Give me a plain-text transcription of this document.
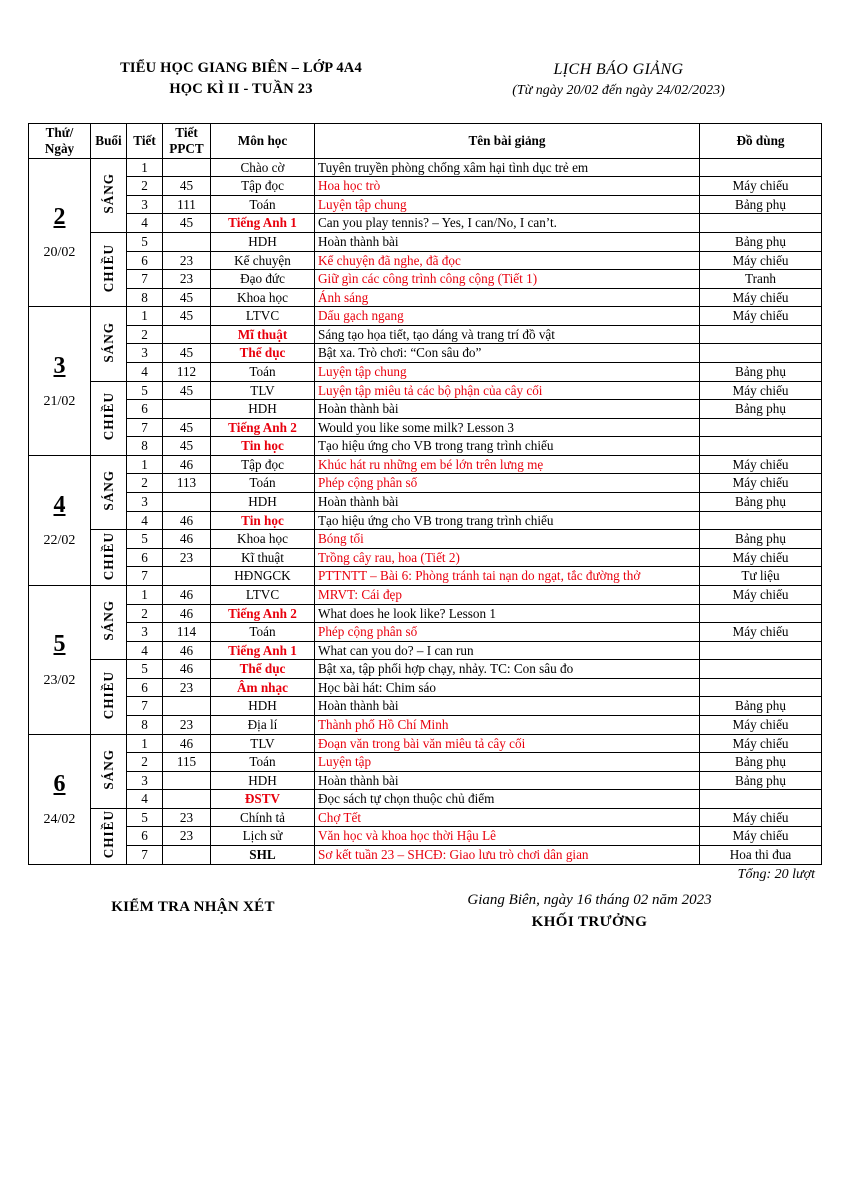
TIỂU HỌC GIANG BIÊN – LỚP 4A4
HỌC KÌ II - TUẦN 23
LỊCH BÁO GIẢNG
(Từ ngày 20/02 đến ngày 24/02/2023)
Thứ/ Ngày	Buổi	Tiết	Tiết PPCT	Môn học	Tên bài giảng	Đồ dùng

2
20/02	SÁNG	1		Chào cờ	Tuyên truyền phòng chống xâm hại tình dục trẻ em	
		2	45	Tập đọc	Hoa học trò	Máy chiếu
		3	111	Toán	Luyện tập chung	Bảng phụ
		4	45	Tiếng Anh 1	Can you play tennis? – Yes, I can/No, I can’t.	
	CHIỀU	5		HDH	Hoàn thành bài	Bảng phụ
		6	23	Kể chuyện	Kể chuyện đã nghe, đã đọc	Máy chiếu
		7	23	Đạo đức	Giữ gìn các công trình công cộng (Tiết 1)	Tranh
		8	45	Khoa học	Ánh sáng	Máy chiếu

3
21/02	SÁNG	1	45	LTVC	Dấu gạch ngang	Máy chiếu
		2		Mĩ thuật	Sáng tạo họa tiết, tạo dáng và trang trí đồ vật	
		3	45	Thể dục	Bật xa. Trò chơi: “Con sâu đo”	
		4	112	Toán	Luyện tập chung	Bảng phụ
	CHIỀU	5	45	TLV	Luyện tập miêu tả các bộ phận của cây cối	Máy chiếu
		6		HDH	Hoàn thành bài	Bảng phụ
		7	45	Tiếng Anh 2	Would you like some milk? Lesson 3	
		8	45	Tin học	Tạo hiệu ứng cho VB trong trang trình chiếu	

4
22/02	SÁNG	1	46	Tập đọc	Khúc hát ru những em bé lớn trên lưng mẹ	Máy chiếu
		2	113	Toán	Phép cộng phân số	Máy chiếu
		3		HDH	Hoàn thành bài	Bảng phụ
		4	46	Tin học	Tạo hiệu ứng cho VB trong trang trình chiếu	
	CHIỀU	5	46	Khoa học	Bóng tối	Bảng phụ
		6	23	Kĩ thuật	Trồng cây rau, hoa (Tiết 2)	Máy chiếu
		7		HĐNGCK	PTTNTT – Bài 6: Phòng tránh tai nạn do ngạt, tắc đường thở	Tư liệu

5
23/02	SÁNG	1	46	LTVC	MRVT: Cái đẹp	Máy chiếu
		2	46	Tiếng Anh 2	What does he look like? Lesson 1	
		3	114	Toán	Phép cộng phân số	Máy chiếu
		4	46	Tiếng Anh 1	What can you do? – I can run	
	CHIỀU	5	46	Thể dục	Bật xa, tập phối hợp chạy, nhảy. TC: Con sâu đo	
		6	23	Âm nhạc	Học bài hát: Chim sáo	
		7		HDH	Hoàn thành bài	Bảng phụ
		8	23	Địa lí	Thành phố Hồ Chí Minh	Máy chiếu

6
24/02	SÁNG	1	46	TLV	Đoạn văn trong bài văn miêu tả cây cối	Máy chiếu
		2	115	Toán	Luyện tập	Bảng phụ
		3		HDH	Hoàn thành bài	Bảng phụ
		4		ĐSTV	Đọc sách tự chọn thuộc chủ điểm	
	CHIỀU	5	23	Chính tả	Chợ Tết	Máy chiếu
		6	23	Lịch sử	Văn học và khoa học thời Hậu Lê	Máy chiếu
		7		SHL	Sơ kết tuần 23 – SHCĐ: Giao lưu trò chơi dân gian	Hoa thi đua
Tổng: 20 lượt
KIỂM TRA NHẬN XÉT	Giang Biên, ngày 16 tháng 02 năm 2023
KHỐI TRƯỞNG
